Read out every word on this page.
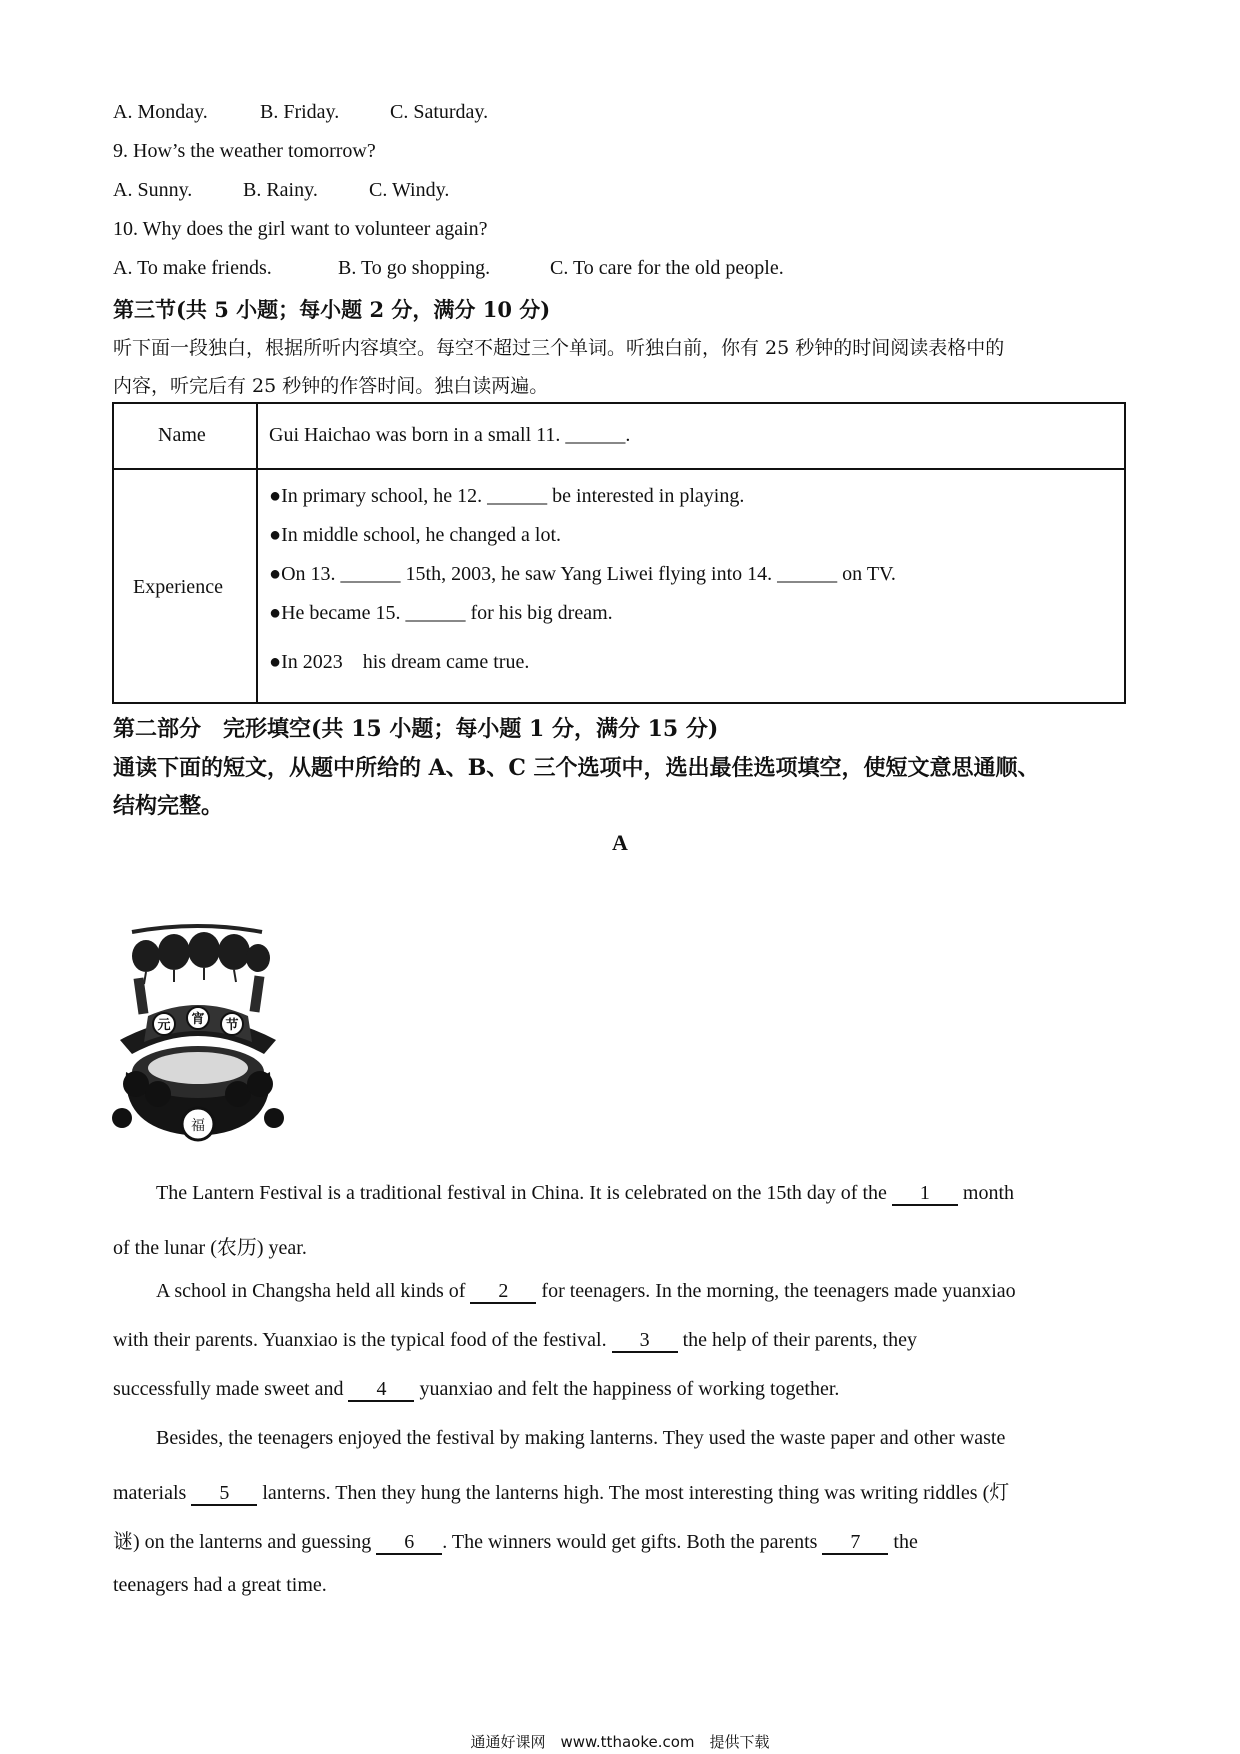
A. Monday.	B. Friday.	C. Saturday.
9. How’s the weather tomorrow?
A. Sunny.	B. Rainy.	C. Windy.
10. Why does the girl want to volunteer again?
A. To make friends.	B. To go shopping.	C. To care for the old people.
第三节(共 5 小题；每小题 2 分，满分 10 分)
听下面一段独白，根据所听内容填空。每空不超过三个单词。听独白前，你有 25 秒钟的时间阅读表格中的
内容，听完后有 25 秒钟的作答时间。独白读两遍。
Name	Gui Haichao was born in a small 11. ______.
Experience
●In primary school, he 12. ______ be interested in playing.
●In middle school, he changed a lot.
●On 13. ______ 15th, 2003, he saw Yang Liwei flying into 14. ______ on TV.
●He became 15. ______ for his big dream.
●In 2023　his dream came true.
第二部分　完形填空(共 15 小题；每小题 1 分，满分 15 分)
通读下面的短文，从题中所给的 A、B、C 三个选项中，选出最佳选项填空，使短文意思通顺、
结构完整。
A
元 宵 节
福
The Lantern Festival is a traditional festival in China. It is celebrated on the 15th day of the 1 month
of the lunar (农历) year.
A school in Changsha held all kinds of 2 for teenagers. In the morning, the teenagers made yuanxiao
with their parents. Yuanxiao is the typical food of the festival. 3 the help of their parents, they
successfully made sweet and 4 yuanxiao and felt the happiness of working together.
Besides, the teenagers enjoyed the festival by making lanterns. They used the waste paper and other waste
materials 5 lanterns. Then they hung the lanterns high. The most interesting thing was writing riddles (灯
谜) on the lanterns and guessing 6 . The winners would get gifts. Both the parents 7 the
teenagers had a great time.
通通好课网　www.tthaoke.com　提供下载
